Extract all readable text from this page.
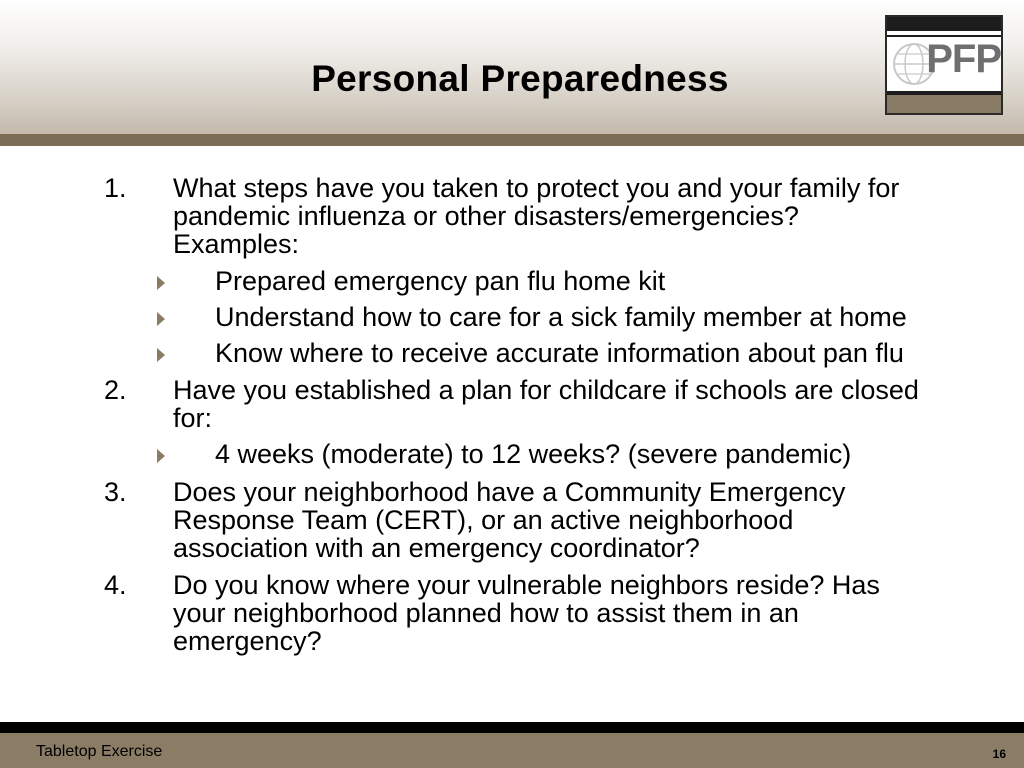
Personal Preparedness	PFP
1. What steps have you taken to protect you and your family for
pandemic influenza or other disasters/emergencies?
Examples:
Prepared emergency pan flu home kit
Understand how to care for a sick family member at home
Know where to receive accurate information about pan flu
2. Have you established a plan for childcare if schools are closed
for:
4 weeks (moderate) to 12 weeks? (severe pandemic)
3. Does your neighborhood have a Community Emergency
Response Team (CERT), or an active neighborhood
association with an emergency coordinator?
4. Do you know where your vulnerable neighbors reside? Has
your neighborhood planned how to assist them in an
emergency?
Tabletop Exercise	16
